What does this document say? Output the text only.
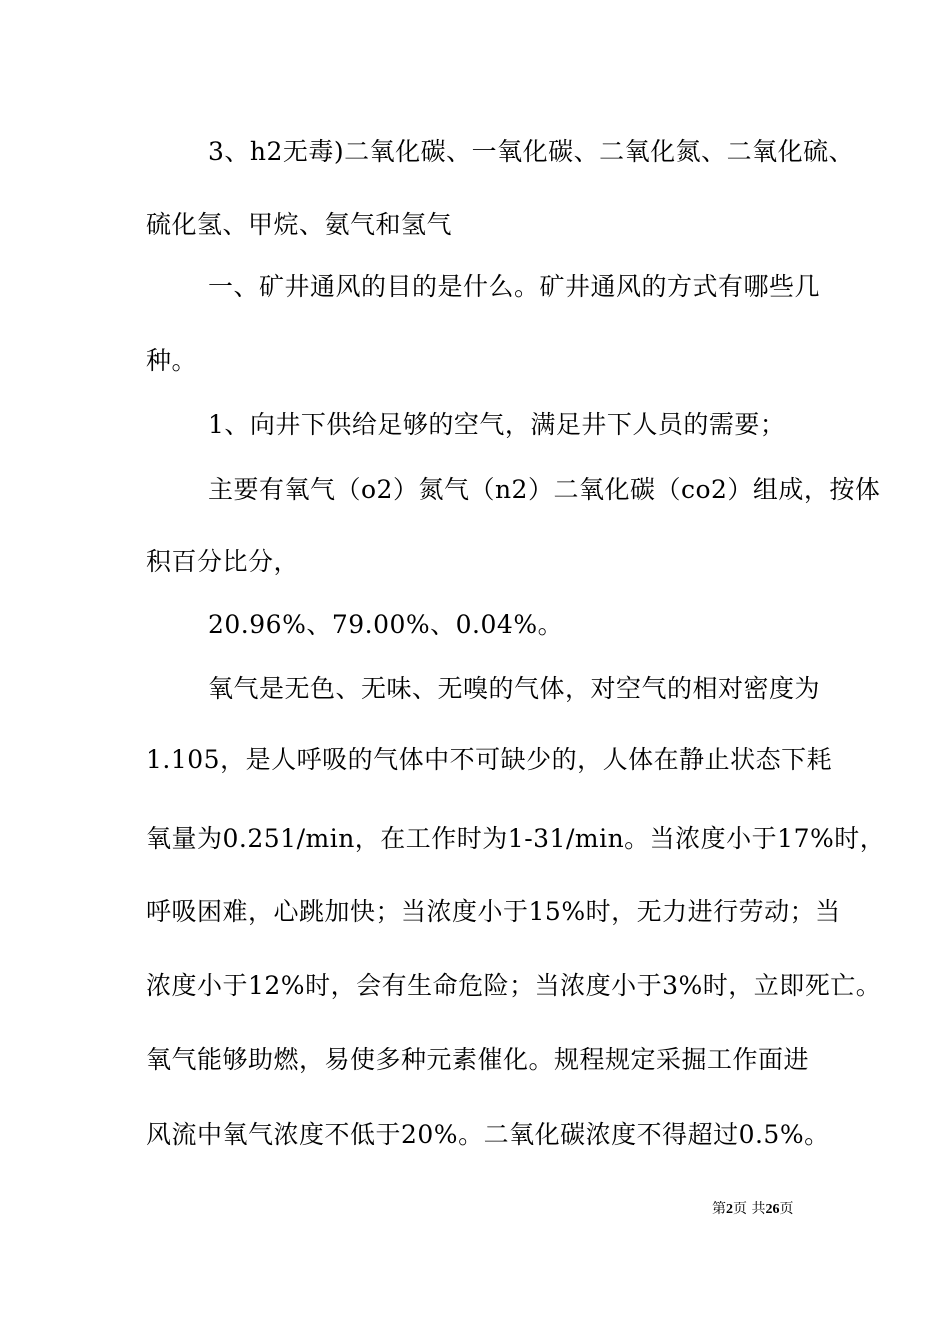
3、h2无毒)二氧化碳、一氧化碳、二氧化氮、二氧化硫、
硫化氢、甲烷、氨气和氢气
一、矿井通风的目的是什么。矿井通风的方式有哪些几
种。
1、向井下供给足够的空气，满足井下人员的需要；
主要有氧气（o2）氮气（n2）二氧化碳（co2）组成，按体
积百分比分，
20.96%、79.00%、0.04%。
氧气是无色、无味、无嗅的气体，对空气的相对密度为
1.105，是人呼吸的气体中不可缺少的，人体在静止状态下耗
氧量为0.251/min，在工作时为1-31/min。当浓度小于17%时，
呼吸困难，心跳加快；当浓度小于15%时，无力进行劳动；当
浓度小于12%时，会有生命危险；当浓度小于3%时，立即死亡。
氧气能够助燃，易使多种元素催化。规程规定采掘工作面进
风流中氧气浓度不低于20%。二氧化碳浓度不得超过0.5%。
第2页 共26页
